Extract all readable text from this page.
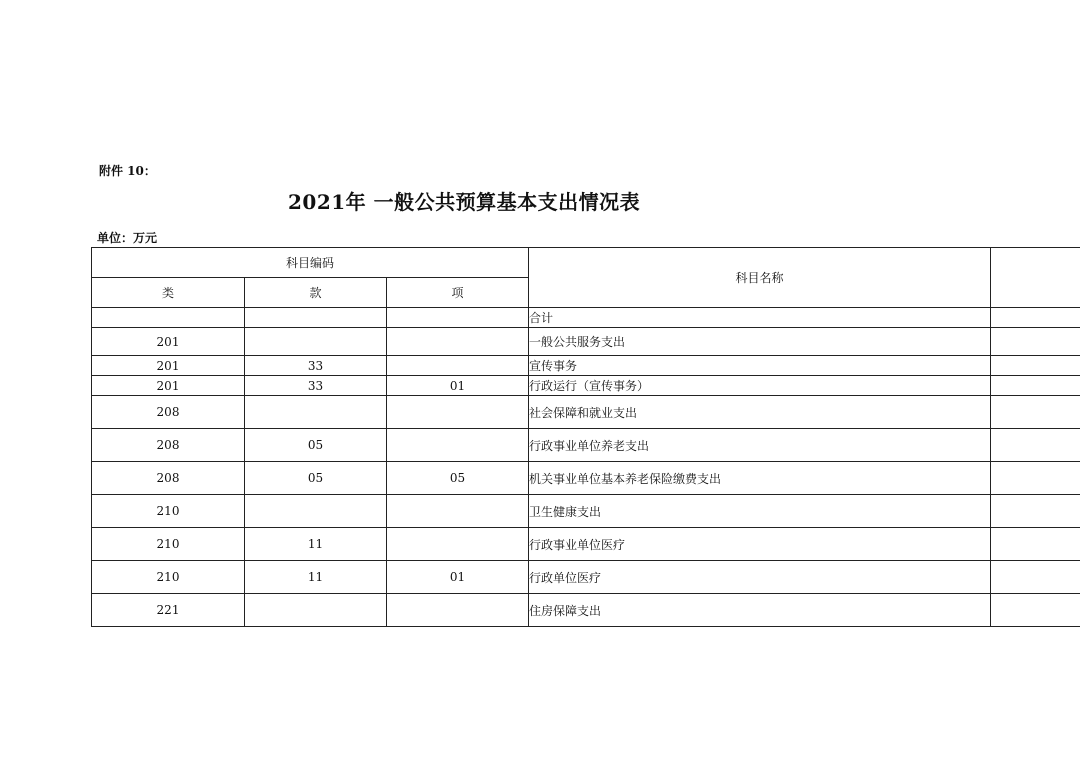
附件 10：
2021年 一般公共预算基本支出情况表
单位：万元
科目编码			科目名称	
类	款	项		
			合计	
201			一般公共服务支出	
201	33		宣传事务	
201	33	01	行政运行（宣传事务）	
208			社会保障和就业支出	
208	05		行政事业单位养老支出	
208	05	05	机关事业单位基本养老保险缴费支出	
210			卫生健康支出	
210	11		行政事业单位医疗	
210	11	01	行政单位医疗	
221			住房保障支出	
